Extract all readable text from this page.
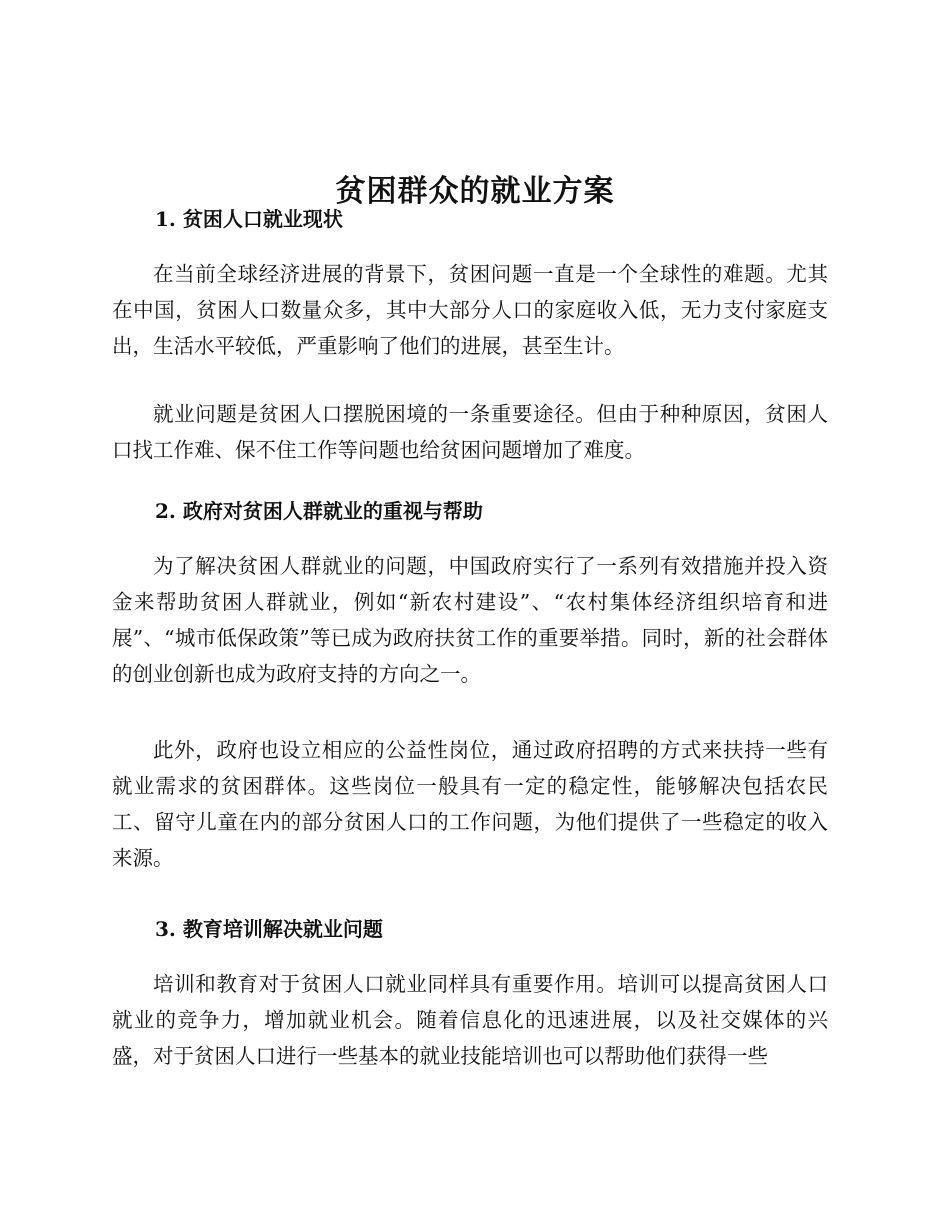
贫困群众的就业方案
1. 贫困人口就业现状

在当前全球经济进展的背景下，贫困问题一直是一个全球性的难题。尤其在中国，贫困人口数量众多，其中大部分人口的家庭收入低，无力支付家庭支出，生活水平较低，严重影响了他们的进展，甚至生计。

就业问题是贫困人口摆脱困境的一条重要途径。但由于种种原因，贫困人口找工作难、保不住工作等问题也给贫困问题增加了难度。

2. 政府对贫困人群就业的重视与帮助

为了解决贫困人群就业的问题，中国政府实行了一系列有效措施并投入资金来帮助贫困人群就业，例如“新农村建设”、“农村集体经济组织培育和进展”、“城市低保政策”等已成为政府扶贫工作的重要举措。同时，新的社会群体的创业创新也成为政府支持的方向之一。

此外，政府也设立相应的公益性岗位，通过政府招聘的方式来扶持一些有就业需求的贫困群体。这些岗位一般具有一定的稳定性，能够解决包括农民工、留守儿童在内的部分贫困人口的工作问题，为他们提供了一些稳定的收入来源。

3. 教育培训解决就业问题

培训和教育对于贫困人口就业同样具有重要作用。培训可以提高贫困人口就业的竞争力，增加就业机会。随着信息化的迅速进展，以及社交媒体的兴盛，对于贫困人口进行一些基本的就业技能培训也可以帮助他们获得一些
